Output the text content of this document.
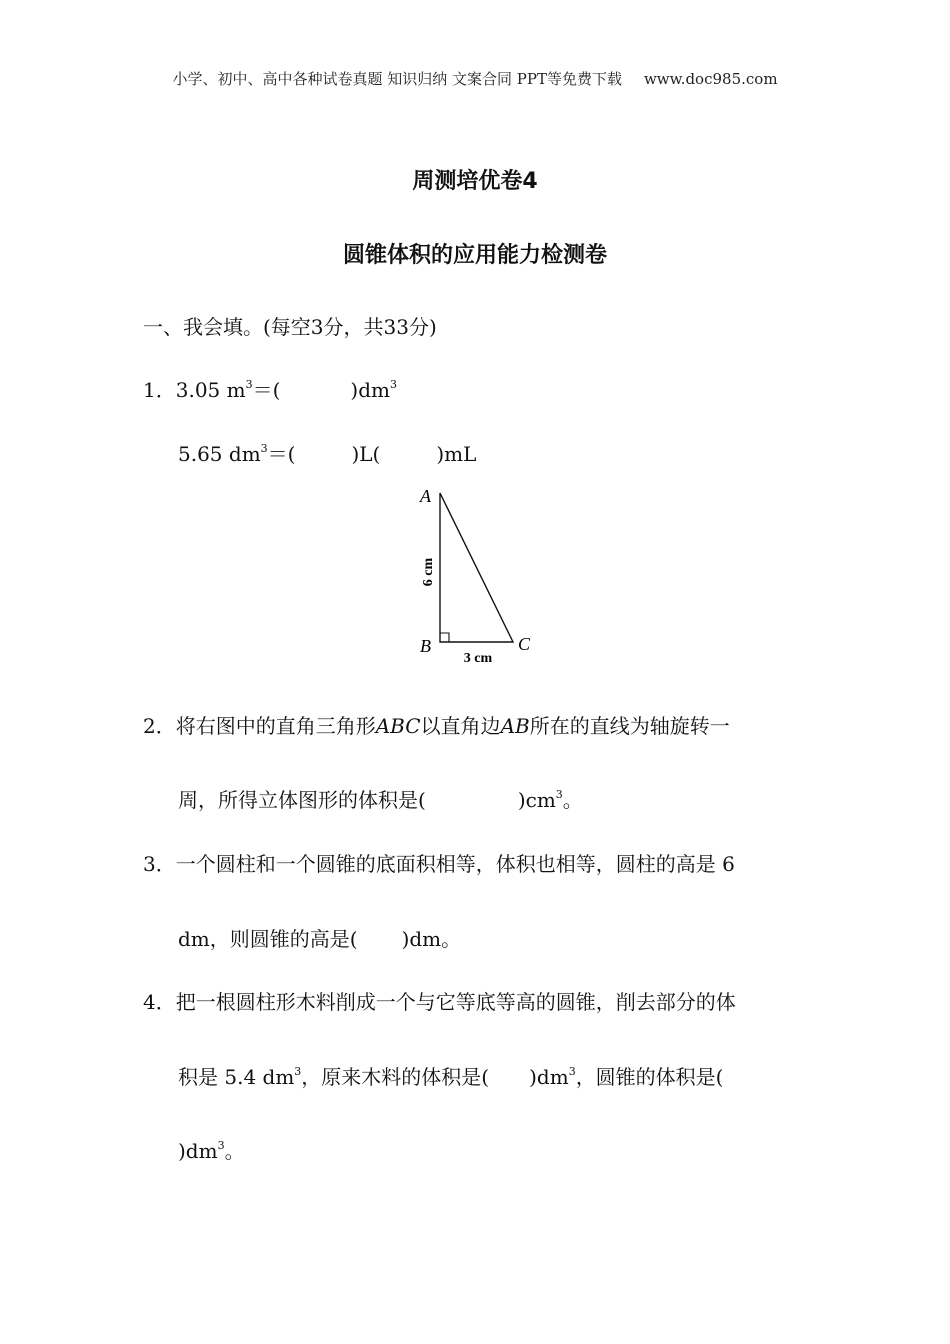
小学、初中、高中各种试卷真题 知识归纳 文案合同 PPT等免费下载 www.doc985.com
周测培优卷4
圆锥体积的应用能力检测卷
一、我会填。(每空3分，共33分)
1．3.05 $m^3=$(	)$dm^3$
5.65 $dm^3=$(	)L(	)mL
A
B	C
6 cm
3 cm
2．将右图中的直角三角形ABC以直角边AB所在的直线为轴旋转一
周，所得立体图形的体积是(	)$cm^3$。
3．一个圆柱和一个圆锥的底面积相等，体积也相等，圆柱的高是 6
dm，则圆锥的高是( )dm。
4．把一根圆柱形木料削成一个与它等底等高的圆锥，削去部分的体
积是 5.4 $dm^3$，原来木料的体积是( )$dm^3$，圆锥的体积是(
)$dm^3$。
